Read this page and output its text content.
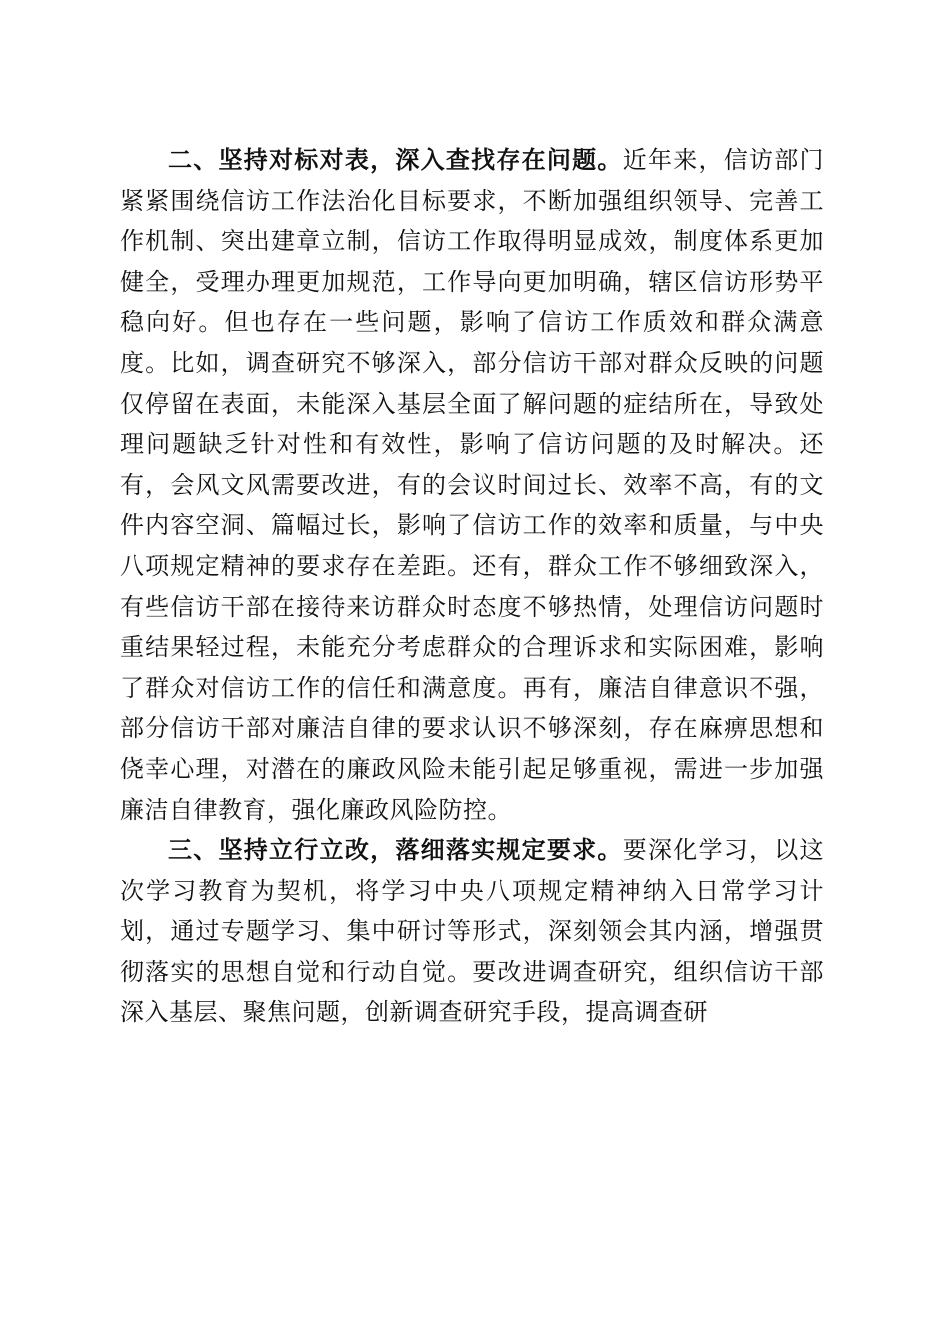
二、坚持对标对表，深入查找存在问题。近年来，信访部门紧紧围绕信访工作法治化目标要求，不断加强组织领导、完善工作机制、突出建章立制，信访工作取得明显成效，制度体系更加健全，受理办理更加规范，工作导向更加明确，辖区信访形势平稳向好。但也存在一些问题，影响了信访工作质效和群众满意度。比如，调查研究不够深入，部分信访干部对群众反映的问题仅停留在表面，未能深入基层全面了解问题的症结所在，导致处理问题缺乏针对性和有效性，影响了信访问题的及时解决。还有，会风文风需要改进，有的会议时间过长、效率不高，有的文件内容空洞、篇幅过长，影响了信访工作的效率和质量，与中央八项规定精神的要求存在差距。还有，群众工作不够细致深入，有些信访干部在接待来访群众时态度不够热情，处理信访问题时重结果轻过程，未能充分考虑群众的合理诉求和实际困难，影响了群众对信访工作的信任和满意度。再有，廉洁自律意识不强，部分信访干部对廉洁自律的要求认识不够深刻，存在麻痹思想和侥幸心理，对潜在的廉政风险未能引起足够重视，需进一步加强廉洁自律教育，强化廉政风险防控。

三、坚持立行立改，落细落实规定要求。要深化学习，以这次学习教育为契机，将学习中央八项规定精神纳入日常学习计划，通过专题学习、集中研讨等形式，深刻领会其内涵，增强贯彻落实的思想自觉和行动自觉。要改进调查研究，组织信访干部深入基层、聚焦问题，创新调查研究手段，提高调查研
